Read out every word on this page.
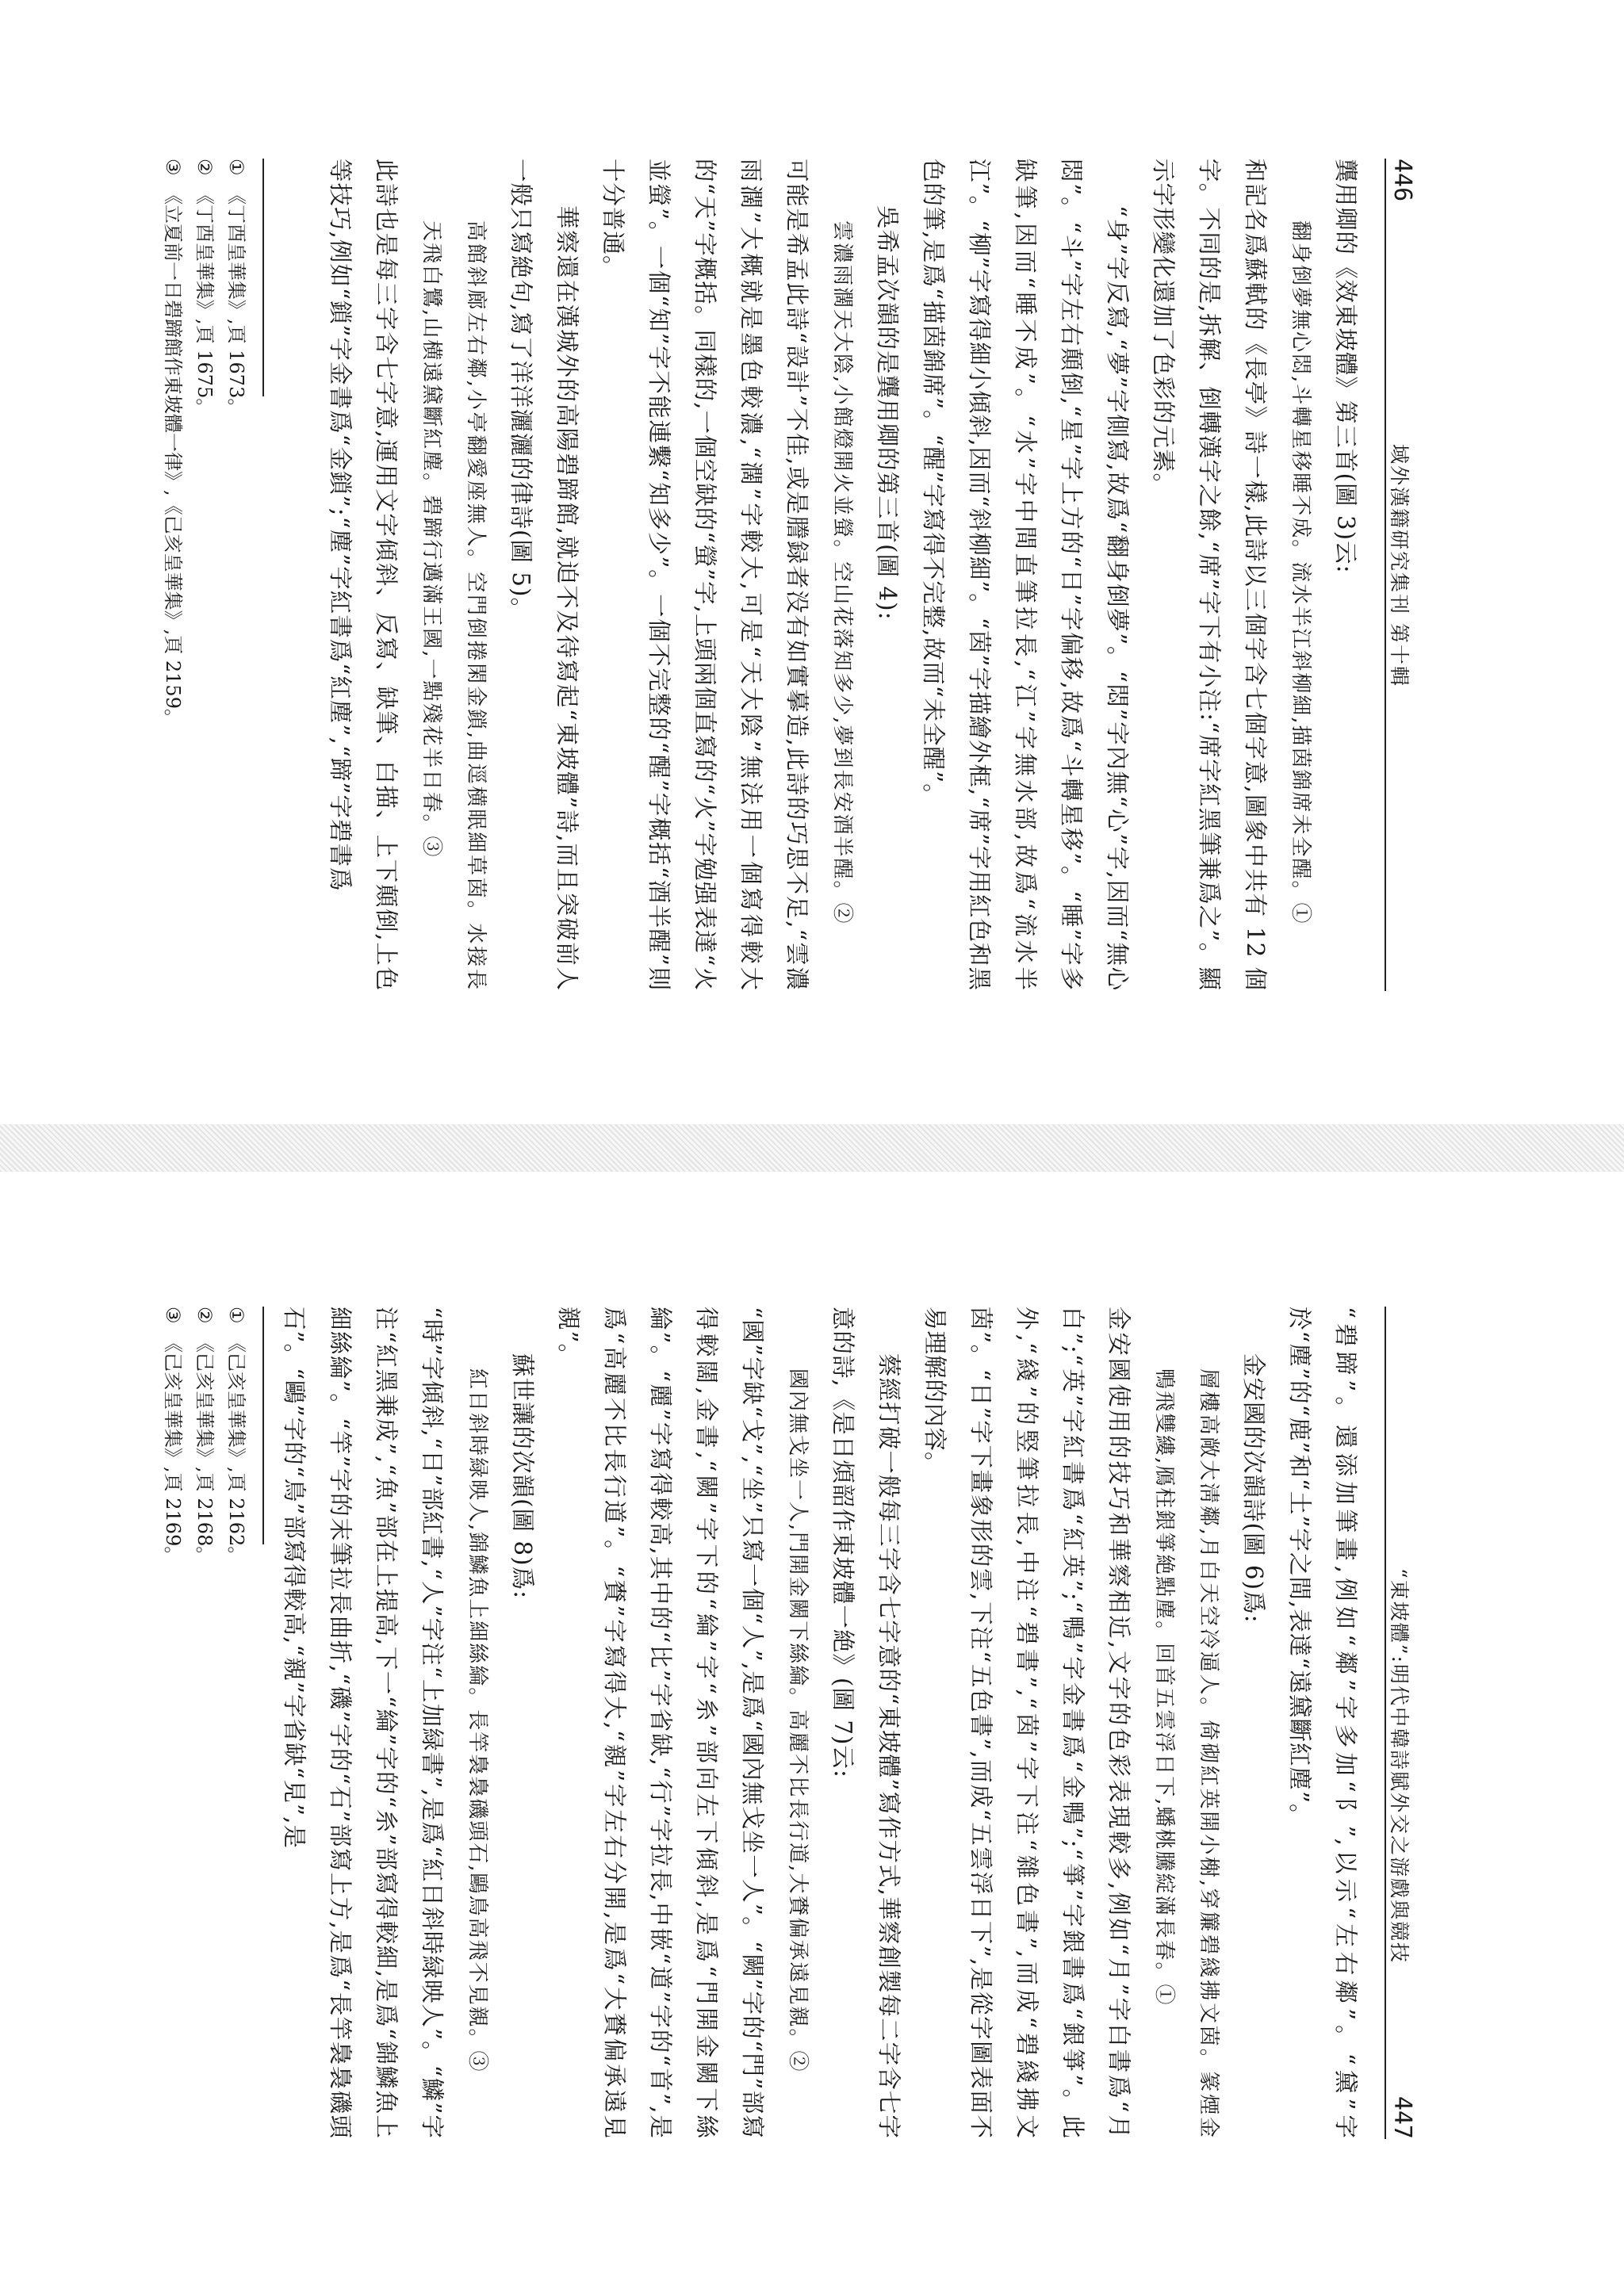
446
域外漢籍研究集刊 第十輯

龔用卿的《效東坡體》第三首(圖 3)云:

翻身倒夢無心悶,斗轉星移睡不成。流水半江斜柳細,描茵錦席未全醒。①

和記名爲蘇軾的《長亭》詩一樣,此詩以三個字含七個字意,圖象中共有 12 個字。不同的是,拆解、倒轉漢字之餘,“席”字下有小注:“席字紅黑筆兼爲之”。顯示字形變化還加了色彩的元素。

“身”字反寫,“夢”字側寫,故爲“翻身倒夢”。“悶”字內無“心”字,因而“無心悶”。“斗”字左右顛倒,“星”字上方的“日”字偏移,故爲“斗轉星移”。“睡”字多缺筆,因而“睡不成”。“水”字中間直筆拉長,“江”字無水部,故爲“流水半江”。“柳”字寫得細小傾斜,因而“斜柳細”。“茵”字描繪外框,“席”字用紅色和黑色的筆,是爲“描茵錦席”。“醒”字寫得不完整,故而“未全醒”。

吳希孟次韻的是龔用卿的第三首(圖 4):

雲濃雨濶天大陰,小館燈開火並螢。空山花落知多少,夢到長安酒半醒。②

可能是希孟此詩“設計”不佳,或是謄録者没有如實摹造,此詩的巧思不足,“雲濃雨濶”大概就是墨色較濃,“濶”字較大,可是“天大陰”無法用一個寫得較大的“天”字概括。同樣的,一個空缺的“螢”字,上頭兩個直寫的“火”字勉强表達“火並螢”。一個“知”字不能連繫“知多少”。一個不完整的“醒”字概括“酒半醒”則十分普通。

華察還在漢城外的高陽碧蹄館,就迫不及待寫起“東坡體”詩,而且突破前人一般只寫絶句,寫了洋洋灑灑的律詩(圖 5)。

高館斜廊左右鄰,小亭翻愛座無人。空門倒捲閑金鎖,曲逕横眠細草茵。水接長天飛白鷺,山横遠黛斷紅塵。碧蹄行邁滿王國,一點殘花半日春。③

此詩也是每三字含七字意,運用文字傾斜、反寫、缺筆、白描、上下顛倒,上色等技巧,例如“鎖”字金書爲“金鎖”;“塵”字紅書爲“紅塵”,“蹄”字碧書爲

①《丁酉皇華集》,頁 1673。
②《丁酉皇華集》,頁 1675。
③《立夏前一日碧蹄館作東坡體一律》,《己亥皇華集》,頁 2159。
“東坡體”:明代中韓詩賦外交之游戲與競技
447

“碧蹄”。還添加筆畫,例如“鄰”字多加“阝”,以示“左右鄰”。“黛”字於“塵”的“鹿”和“土”字之間,表達“遠黛斷紅塵”。

金安國的次韻詩(圖 6)爲:

層樓高敞大淸鄰,月白天空冷逼人。倚砌紅英開小榭,穿簾碧綫拂文茵。篆煙金鴨飛雙縷,鴈柱銀箏絶點塵。回首五雲浮日下,蟠桃騰綻滿長春。①

金安國使用的技巧和華察相近,文字的色彩表現較多,例如“月”字白書爲“月白”;“英”字紅書爲“紅英”;“鴨”字金書爲“金鴨”;“箏”字銀書爲“銀箏”。此外,“綫”的竪筆拉長,中注“碧書”,“茵”字下注“雜色書”,而成“碧綫拂文茵”。“日”字下畫象形的雲,下注“五色書”,而成“五雲浮日下”,是從字圖表面不易理解的內容。

蔡經打破一般每三字含七字意的“東坡體”寫作方式,華察創製每二字含七字意的詩,《是日煩韶作東坡體一絶》(圖 7)云:

國內無戈坐一人,門開金闕下絲綸。高麗不比長行道,大賚偏承遠見親。②

“國”字缺“戈”,“坐”只寫一個“人”,是爲“國內無戈坐一人”。“闕”字的“門”部寫得較闊,金書,“闕”字下的“綸”字“糸”部向左下傾斜,是爲“門開金闕下絲綸”。“麗”字寫得較高,其中的“比”字省缺,“行”字拉長,中嵌“道”字的“首”,是爲“高麗不比長行道”。“賚”字寫得大,“親”字左右分開,是爲“大賚偏承遠見親”。

蘇世讓的次韻(圖 8)爲:

紅日斜時緑映人,錦鱗魚上細絲綸。長竿裊裊磯頭石,鷗鳥高飛不見親。③

“時”字傾斜,“日”部紅書,“人”字注“上加緑書”,是爲“紅日斜時緑映人”。“鱗”字注“紅黑兼成”,“魚”部在上提高,下一“綸”字的“糸”部寫得較細,是爲“錦鱗魚上細絲綸”。“竿”字的末筆拉長曲折,“磯”字的“石”部寫上方,是爲“長竿裊裊磯頭石”。“鷗”字的“鳥”部寫得較高,“親”字省缺“見”,是

①《己亥皇華集》,頁 2162。
②《己亥皇華集》,頁 2168。
③《己亥皇華集》,頁 2169。
